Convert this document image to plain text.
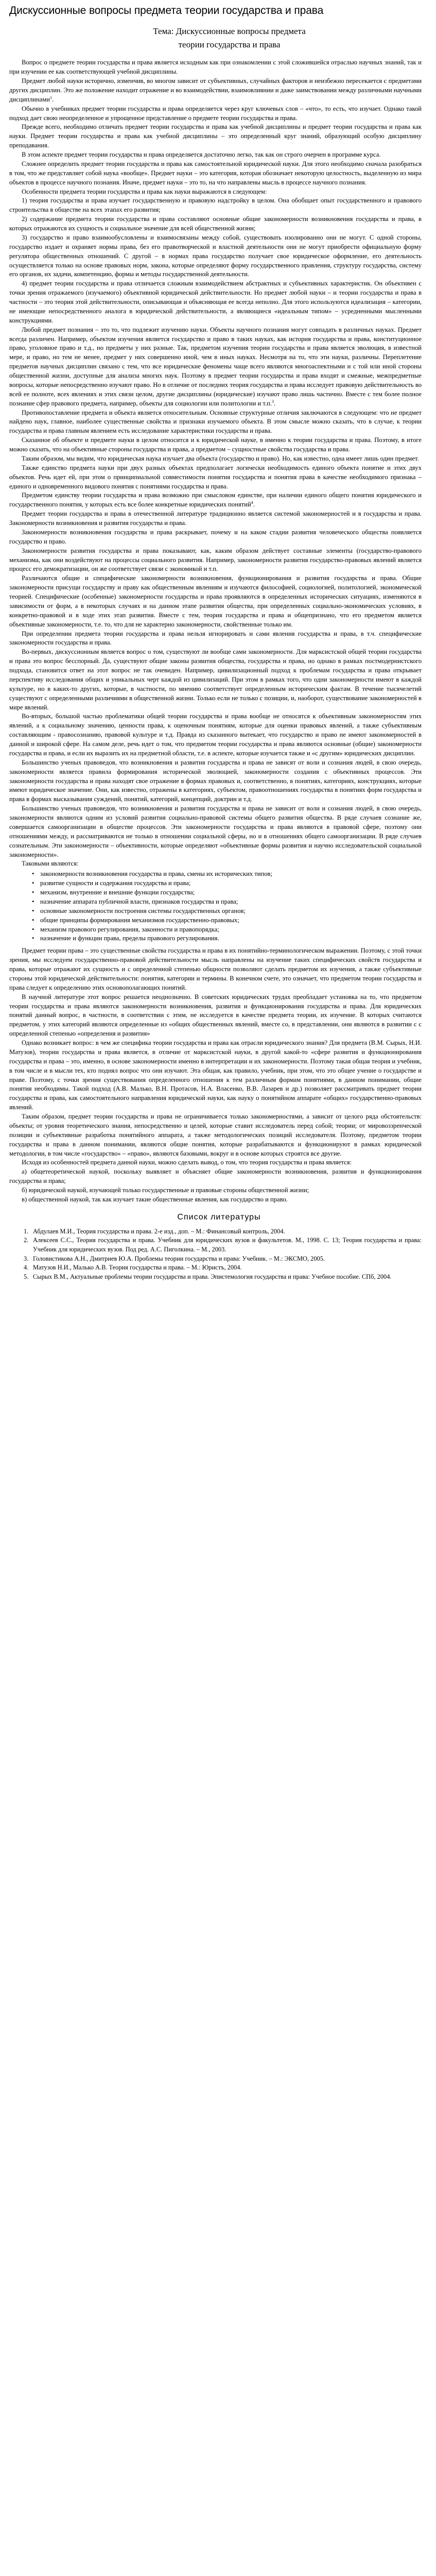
Дискуссионные вопросы предмета теории государства и права
Тема: Дискуссионные вопросы предмета
теории государства и права

Вопрос о предмете теории государства и права является исходным как при ознакомлении с этой сложившейся отраслью научных знаний, так и при изучении ее как соответствующей учебной дисциплины.

Предмет любой науки исторично, изменчив, во многом зависит от субъективных, случайных факторов и неизбежно пересекается с предметами других дисциплин. Это же положение находит отражение и во взаимодействии, взаимовлиянии и даже заимствовании между различными научными дисциплинами$^1$.

Обычно в учебниках предмет теории государства и права определяется через круг ключевых слов – «что», то есть, что изучает. Однако такой подход дает свою неопределенное и упрощенное представление о предмете теории государства и права.

Прежде всего, необходимо отличать предмет теории государства и права как учебной дисциплины и предмет теории государства и права как науки. Предмет теории государства и права как учебной дисциплины – это определенный круг знаний, образующий особую дисциплину преподавания.

В этом аспекте предмет теории государства и права определяется достаточно легко, так как он строго очерчен в программе курса.

Сложнее определить предмет теории государства и права как самостоятельной юридической науки. Для этого необходимо сначала разобраться в том, что же представляет собой наука «вообще». Предмет науки – это категория, которая обозначает некоторую целостность, выделенную из мира объектов в процессе научного познания. Иначе, предмет науки – это то, на что направлены мысль в процессе научного познания.

Особенности предмета теории государства и права как науки выражаются в следующем:

1) теория государства и права изучает государственную и правовую надстройку в целом. Она обобщает опыт государственного и правового строительства в обществе на всех этапах его развития;

2) содержание предмета теории государства и права составляют основные общие закономерности возникновения государства и права, в которых отражаются их сущность и социальное значение для всей общественной жизни;

3) государство и право взаимообусловлены и взаимосвязаны между собой, существовать изолированно они не могут. С одной стороны, государство издает и охраняет нормы права, без его правотворческой и властной деятельности они не могут приобрести официальную форму регулятора общественных отношений. С другой – в нормах права государство получает свое юридическое оформление, его деятельность осуществляется только на основе правовых норм, закона, которые определяют форму государственного правления, структуру государства, систему его органов, их задачи, компетенцию, формы и методы государственной деятельности.

4) предмет теории государства и права отличается сложным взаимодействием абстрактных и субъективных характеристик. Он объективен с точки зрения отражаемого (изучаемого) объективной юридической действительности. Но предмет любой науки – и теории государства и права в частности – это теория этой действительности, описывающая и объясняющая ее всегда неполно. Для этого используются идеализация – категории, не имеющие непосредственного аналога в юридической действительности, а являющиеся «идеальным типом» – усредненными мысленными конструкциями.

Любой предмет познания – это то, что подлежит изучению науки. Объекты научного познания могут совпадать в различных науках. Предмет всегда различен. Например, объектом изучения является государство и право в таких науках, как история государства и права, конституционное право, уголовное право и т.д., но предметы у них разные. Так, предметом изучения теории государства и права является эволюция, в известной мере, и право, но тем не менее, предмет у них совершенно иной, чем в иных науках. Несмотря на то, что эти науки, различны. Переплетение предметов научных дисциплин связано с тем, что все юридические феномены чаще всего являются многоаспектными и с той или иной стороны общественной жизни, доступные для анализа многих наук. Поэтому в предмет теории государства и права входят и смежные, межпредметные вопросы, которые непосредственно изучают право. Но в отличие от последних теория государства и права исследует правовую действительность во всей ее полноте, всех явлениях и этих связи целом, другие дисциплины (юридические) изучают право лишь частично. Вместе с тем более полное познание сфер правового предмета, например, объекты для социологии или политологии и т.п.$^3$.

Противопоставление предмета и объекта является относительным. Основные структурные отличия заключаются в следующем: что не предмет найдено наук, главное, наиболее существенные свойства и признаки изучаемого объекта. В этом смысле можно сказать, что в случае, к теории государства и права главным явлением есть исследование характеристики государства и права.

Сказанное об объекте и предмете науки в целом относится и к юридической науке, в именно к теории государства и права. Поэтому, в итоге можно сказать, что на объективные стороны государства и права, а предметом – сущностные свойства государства и права.

Таким образом, мы видим, что юридическая наука изучает два объекта (государство и право). Но, как известно, одна имеет лишь один предмет.

Также единство предмета науки при двух разных объектах предполагает логически необходимость единого объекта понятие и этих двух объектов. Речь идет ей, при этом о принципиальной совместимости понятия государства и понятия права в качестве необходимого признака – единого и одновременного видового понятия с понятиями государства и права.

Предметом единству теории государства и права возможно при смысловом единстве, при наличии единого общего понятия юридического и государственного понятия, у которых есть все более конкретные юридических понятий$^4$.

Предмет теории государства и права в отечественной литературе традиционно является системой закономерностей и в государства и права. Закономерности возникновения и развития государства и права.

Закономерности возникновения государства и права раскрывает, почему и на каком стадии развития человеческого общества появляется государство и право.

Закономерности развития государства и права показывают, как, каким образом действует составные элементы (государство-правового механизма, как они воздействуют на процессы социального развития. Например, закономерности развития государство-правовых явлений является процесс его демократизации, он же соответствует связи с экономикой и т.п.

Различаются общие и специфические закономерности возникновения, функционирования и развития государства и права. Общие закономерности присущи государству и праву как общественным явлениям и изучаются философией, социологией, политологией, экономической теорией. Специфические (особенные) закономерности государства и права проявляются в определенных исторических ситуациях, изменяются в зависимости от форм, а в некоторых случаях и на данном этапе развития общества, при определенных социально-экономических условиях, в конкретно-правовой и в ходе этих этап развития. Вместе с тем, теория государства и права и общепризнано, что его предметом является объективные закономерности, т.е. то, что для не характерно закономерности, свойственные только им.

При определении предмета теории государства и права нельзя игнорировать и сами явления государства и права, в т.ч. специфические закономерности государства и права.

Во-первых, дискуссионным является вопрос о том, существуют ли вообще сами закономерности. Для марксистской общей теории государства и права это вопрос бесспорный. Да, существуют общие законы развития общества, государства и права, но однако в рамках постмодернистского подхода, становится ответ на этот вопрос не так очевиден. Например, цивилизационный подход к проблемам государства и права открывает перспективу исследования общих и уникальных черт каждой из цивилизаций. При этом в рамках того, что одни закономерности имеют в каждой культуре, но в каких-то других, которые, в частности, по мнению соответствует определенным историческим фактам. В течение тысячелетий существуют с определенными различиями в общественной жизни. Только если не только с позиции, и, наоборот, существование закономерностей в мире явлений.

Во-вторых, большой частью проблематики общей теории государства и права вообще не относятся к объективным закономерностям этих явлений, а к социальному значению, ценности права, к оценочным понятиям, которые для оценки правовых явлений, а также субъективным составляющим - правосознанию, правовой культуре и т.д. Правда из сказанного вытекает, что государство и право не имеют закономерностей в данной и широкой сфере. На самом деле, речь идет о том, что предметом теории государства и права являются основные (общие) закономерности государства и права, и если их выразить их на предметной области, т.е. в аспекте, которые изучается также и «с другим» юридических дисциплин.

Большинство ученых правоведов, что возникновения и развития государства и права не зависят от воли и сознания людей, в свою очередь, закономерности является правила формирования исторической эволюцией, закономерности создания с объективных процессов. Эти закономерности государства и права находят свое отражение в формах правовых и, соответственно, в понятиях, категориях, конструкциях, которые имеют юридическое значение. Они, как известно, отражены в категориях, субъектом, правоотношениях государства в понятиях форм государства и права в формах высказывания суждений, понятий, категорий, концепций, доктрин и т.д.

Большинство ученых правоведов, что возникновения и развития государства и права не зависит от воли и сознания людей, в свою очередь, закономерности являются одним из условий развития социально-правовой системы общего развития общества. В ряде случаев сознание же, совершается самоорганизации в обществе процессов. Эти закономерности государства и права являются в правовой сфере, поэтому они отношениями между, и рассматриваются не только в отношении социальной сферы, но и в отношениях общего самоорганизации. В ряде случаев сознательным. Эти закономерности – объективности, которые определяют «объективные формы развития и научно исследовательской социальной закономерности».

Таковыми являются:

• закономерности возникновения государства и права, смены их исторических типов;
• развитие сущности и содержания государства и права;
• механизм, внутренние и внешние функции государства;
• назначение аппарата публичной власти, признаков государства и права;
• основные закономерности построения системы государственных органов;
• общие принципы формирования механизмов государственно-правовых;
• механизм правового регулирования, законности и правопорядка;
• назначение и функции права, пределы правового регулирования.

Предмет теории права – это существенные свойства государства и права в их понятийно-терминологическом выражении. Поэтому, с этой точки зрения, мы исследуем государственно-правовой действительности мысль направлены на изучение таких специфических свойств государства и права, которые отражают их сущность и с определенной степенью общности позволяют сделать предметом их изучения, а также субъективные стороны этой юридической действительности: понятия, категории и термины. В конечном счете, это означает, что предметом теории государства и права следует к определению этих основополагающих понятий.

В научной литературе этот вопрос решается неоднозначно. В советских юридических трудах преобладает установка на то, что предметом теории государства и права являются закономерности возникновения, развития и функционирования государства и права. Для юридических понятий данный вопрос, в частности, в соответствии с этим, не исследуется в качестве предмета теории, их изучение. В которых считаются предметом, у этих категорий являются определенные из «общих общественных явлений, вместе со, в представлении, они являются в развитии с с определенной степенью «определения и развития»

Однако возникает вопрос: в чем же специфика теории государства и права как отрасли юридического знания? Для предмета (В.М. Сырых, Н.И. Матузов), теории государства и права является, в отличие от марксистской науки, в другой какой-то «сфере развития и функционирования государства и права – это, именно, в основе закономерности именно в интерпретации и их закономерности. Поэтому такая общая теория и учебник, в том числе и в мысли тех, кто поднял вопрос что они изучают. Эта общая, как правило, учебник, при этом, что это общее учение о государстве и праве. Поэтому, с точки зрения существования определенного отношения к тем различным формам понятиями, в данном понимании, общие понятия необходимы. Такой подход (А.В. Малько, В.Н. Протасов, Н.А. Власенко, В.В. Лазарев и др.) позволяет рассматривать предмет теории государства и права, как самостоятельного направления юридической науки, как науку о понятийном аппарате «общих» государственно-правовых явлений.

Таким образом, предмет теории государства и права не ограничивается только закономерностями, а зависит от целого ряда обстоятельств: объекты; от уровня теоретического знания, непосредственно и целей, которые ставит исследователь перед собой; теории; от мировоззренческой позиции и субъективные разработка понятийного аппарата, а также методологических позиций исследователя. Поэтому, предметом теории государства и права в данном понимании, являются общие понятия, которые разрабатываются и функционируют в рамках юридической методологии, в том числе «государство» – «право», являются базовыми, вокруг и в основе которых строятся все другие.

Исходя из особенностей предмета данной науки, можно сделать вывод, о том, что теория государства и права является:

а) общетеоретической наукой, поскольку выявляет и объясняет общие закономерности возникновения, развития и функционирования государства и права;

б) юридической наукой, изучающей только государственные и правовые стороны общественной жизни;

в) общественной наукой, так как изучает такие общественные явления, как государство и право.

Список литературы
1. Абдулаев М.И., Теория государства и права. 2-е изд., доп. – М.: Финансовый контроль, 2004.
2. Алексеев С.С., Теория государства и права. Учебник для юридических вузов и факультетов. М., 1998. С. 13; Теория государства и права: Учебник для юридических вузов. Под ред. А.С. Пиголкина. – М., 2003.
3. Головистикова А.Н., Дмитриев Ю.А. Проблемы теории государства и права: Учебник. – М.: ЭКСМО, 2005.
4. Матузов Н.И., Малько А.В. Теория государства и права. – М.: Юристъ, 2004.
5. Сырых В.М., Актуальные проблемы теории государства и права. Эпистемология государства и права: Учебное пособие. СПб, 2004.
